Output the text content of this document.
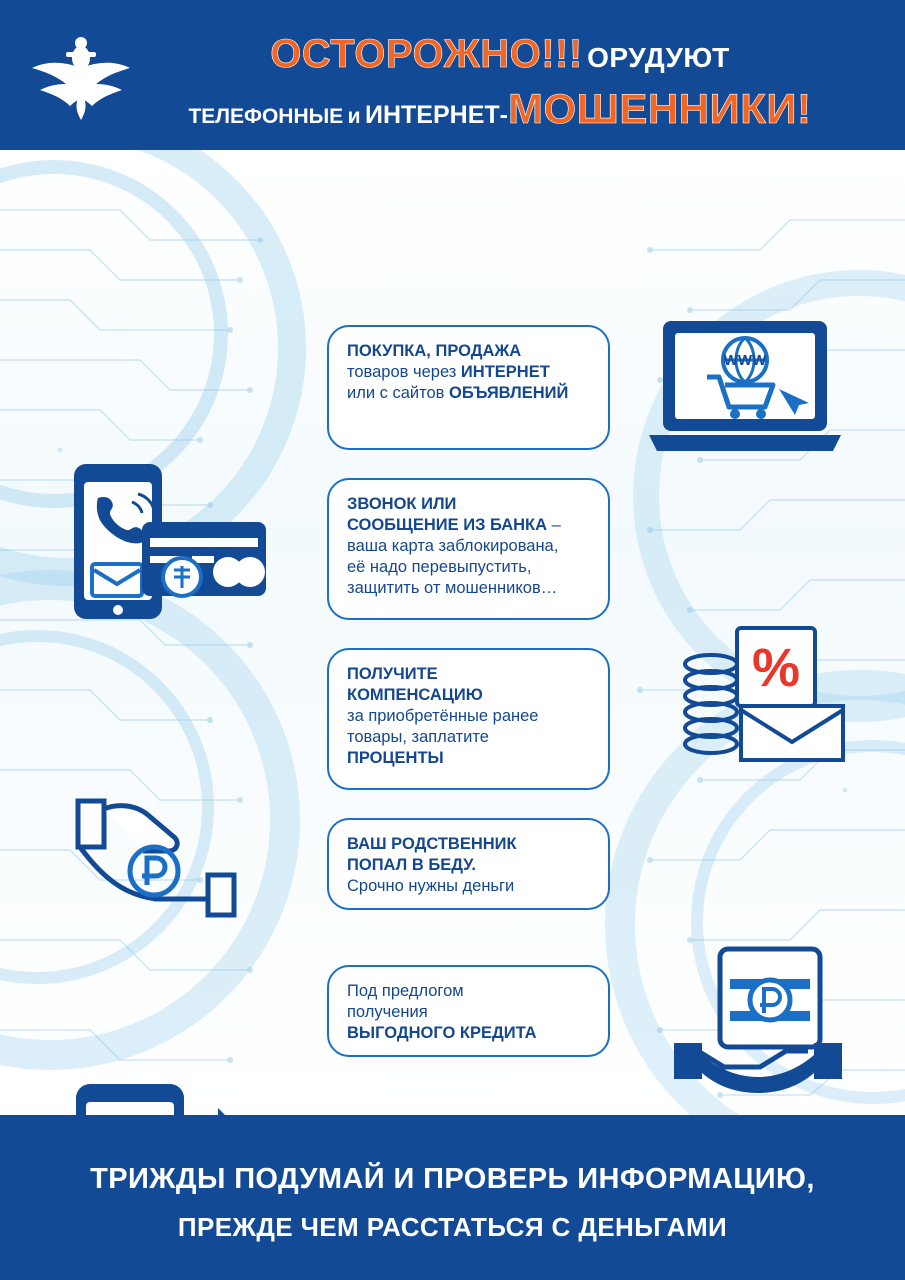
ОСТОРОЖНО!!! ОРУДУЮТ
ТЕЛЕФОННЫЕ и ИНТЕРНЕТ-МОШЕННИКИ!
WWW
%
ПОКУПКА, ПРОДАЖА
товаров через ИНТЕРНЕТ
или с сайтов ОБЪЯВЛЕНИЙ
ЗВОНОК ИЛИ
СООБЩЕНИЕ ИЗ БАНКА –
ваша карта заблокирована,
её надо перевыпустить,
защитить от мошенников…
ПОЛУЧИТЕ
КОМПЕНСАЦИЮ
за приобретённые ранее
товары, заплатите
ПРОЦЕНТЫ
ВАШ РОДСТВЕННИК
ПОПАЛ В БЕДУ.
Срочно нужны деньги
Под предлогом
получения
ВЫГОДНОГО КРЕДИТА
ТРИЖДЫ ПОДУМАЙ И ПРОВЕРЬ ИНФОРМАЦИЮ,
ПРЕЖДЕ ЧЕМ РАССТАТЬСЯ С ДЕНЬГАМИ
